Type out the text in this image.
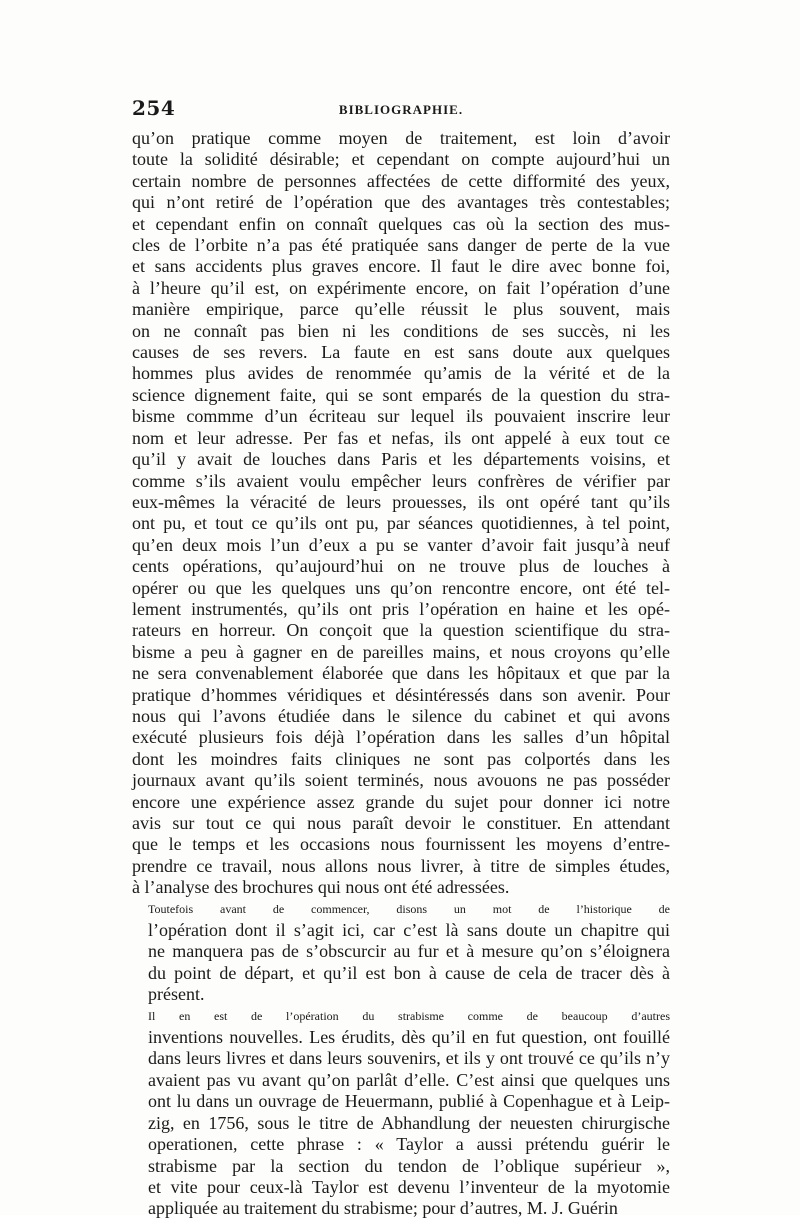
254	BIBLIOGRAPHIE.

qu’on pratique comme moyen de traitement, est loin d’avoir
toute la solidité désirable; et cependant on compte aujourd’hui un
certain nombre de personnes affectées de cette difformité des yeux,
qui n’ont retiré de l’opération que des avantages très contestables;
et cependant enfin on connaît quelques cas où la section des mus-
cles de l’orbite n’a pas été pratiquée sans danger de perte de la vue
et sans accidents plus graves encore. Il faut le dire avec bonne foi,
à l’heure qu’il est, on expérimente encore, on fait l’opération d’une
manière empirique, parce qu’elle réussit le plus souvent, mais
on ne connaît pas bien ni les conditions de ses succès, ni les
causes de ses revers. La faute en est sans doute aux quelques
hommes plus avides de renommée qu’amis de la vérité et de la
science dignement faite, qui se sont emparés de la question du stra-
bisme commme d’un écriteau sur lequel ils pouvaient inscrire leur
nom et leur adresse. Per fas et nefas, ils ont appelé à eux tout ce
qu’il y avait de louches dans Paris et les départements voisins, et
comme s’ils avaient voulu empêcher leurs confrères de vérifier par
eux-mêmes la véracité de leurs prouesses, ils ont opéré tant qu’ils
ont pu, et tout ce qu’ils ont pu, par séances quotidiennes, à tel point,
qu’en deux mois l’un d’eux a pu se vanter d’avoir fait jusqu’à neuf
cents opérations, qu’aujourd’hui on ne trouve plus de louches à
opérer ou que les quelques uns qu’on rencontre encore, ont été tel-
lement instrumentés, qu’ils ont pris l’opération en haine et les opé-
rateurs en horreur. On conçoit que la question scientifique du stra-
bisme a peu à gagner en de pareilles mains, et nous croyons qu’elle
ne sera convenablement élaborée que dans les hôpitaux et que par la
pratique d’hommes véridiques et désintéressés dans son avenir. Pour
nous qui l’avons étudiée dans le silence du cabinet et qui avons
exécuté plusieurs fois déjà l’opération dans les salles d’un hôpital
dont les moindres faits cliniques ne sont pas colportés dans les
journaux avant qu’ils soient terminés, nous avouons ne pas posséder
encore une expérience assez grande du sujet pour donner ici notre
avis sur tout ce qui nous paraît devoir le constituer. En attendant
que le temps et les occasions nous fournissent les moyens d’entre-
prendre ce travail, nous allons nous livrer, à titre de simples études,
à l’analyse des brochures qui nous ont été adressées.

Toutefois avant de commencer, disons un mot de l’historique de
l’opération dont il s’agit ici, car c’est là sans doute un chapitre qui
ne manquera pas de s’obscurcir au fur et à mesure qu’on s’éloignera
du point de départ, et qu’il est bon à cause de cela de tracer dès à
présent.

Il en est de l’opération du strabisme comme de beaucoup d’autres
inventions nouvelles. Les érudits, dès qu’il en fut question, ont fouillé
dans leurs livres et dans leurs souvenirs, et ils y ont trouvé ce qu’ils n’y
avaient pas vu avant qu’on parlât d’elle. C’est ainsi que quelques uns
ont lu dans un ouvrage de Heuermann, publié à Copenhague et à Leip-
zig, en 1756, sous le titre de Abhandlung der neuesten chirurgische
operationen, cette phrase : « Taylor a aussi prétendu guérir le
strabisme par la section du tendon de l’oblique supérieur »,
et vite pour ceux-là Taylor est devenu l’inventeur de la myotomie
appliquée au traitement du strabisme; pour d’autres, M. J. Guérin
